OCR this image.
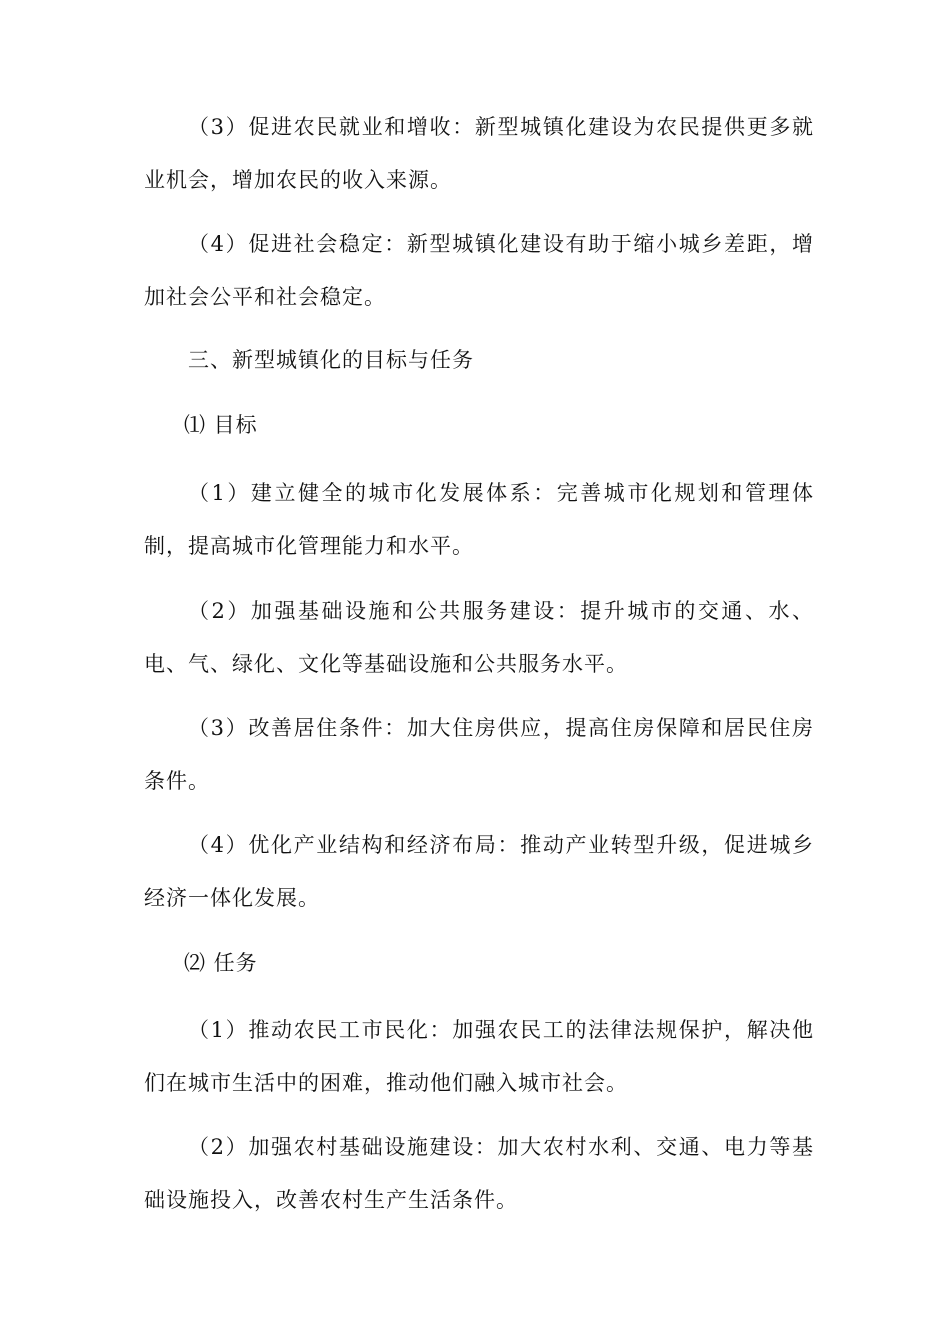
（3）促进农民就业和增收：新型城镇化建设为农民提供更多就业机会，增加农民的收入来源。

（4）促进社会稳定：新型城镇化建设有助于缩小城乡差距，增加社会公平和社会稳定。

三、新型城镇化的目标与任务

⑴ 目标

（1）建立健全的城市化发展体系：完善城市化规划和管理体制，提高城市化管理能力和水平。

（2）加强基础设施和公共服务建设：提升城市的交通、水、电、气、绿化、文化等基础设施和公共服务水平。

（3）改善居住条件：加大住房供应，提高住房保障和居民住房条件。

（4）优化产业结构和经济布局：推动产业转型升级，促进城乡经济一体化发展。

⑵ 任务

（1）推动农民工市民化：加强农民工的法律法规保护，解决他们在城市生活中的困难，推动他们融入城市社会。

（2）加强农村基础设施建设：加大农村水利、交通、电力等基础设施投入，改善农村生产生活条件。
